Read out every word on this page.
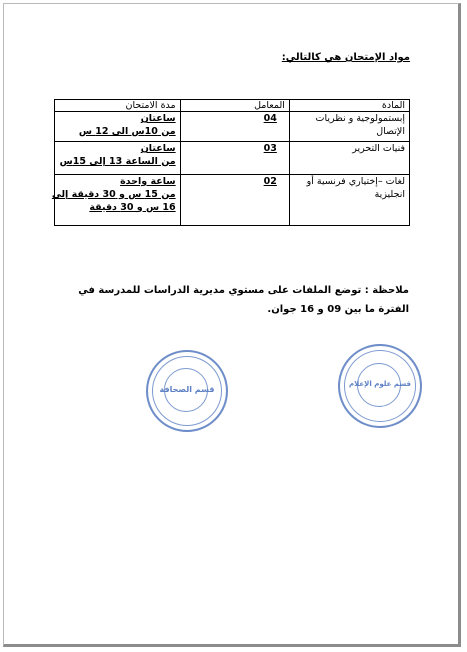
مواد الإمتحان هي كالتالي:
المادة	المعامل	مدة الامتحان
إبستمولوجية و نظريات الإتصال	04	ساعتان
من 10س الى 12 س

فنيات التحرير	03	ساعتان
من الساعة 13 إلى 15س

لغات –إختياري فرنسية أو انجليزية	02	ساعة واحدة
من 15 س و 30 دقيقة إلى
16 س و 30 دقيقة
ملاحظة : توضع الملفات على مستوي مديرية الدراسات للمدرسة في الفترة ما بين 09 و 16 جوان.
قسم الصحافة
قسم علوم الإعلام
